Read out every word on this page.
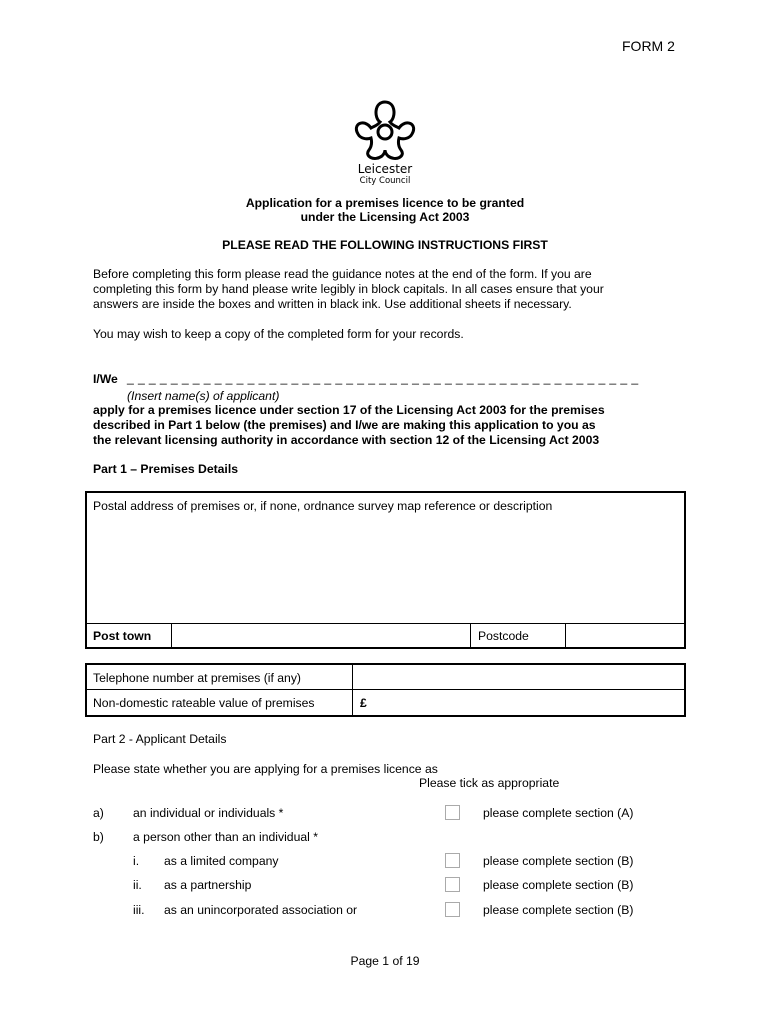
FORM 2
Leicester
City Council
Application for a premises licence to be granted
under the Licensing Act 2003
PLEASE READ THE FOLLOWING INSTRUCTIONS FIRST
Before completing this form please read the guidance notes at the end of the form. If you are
completing this form by hand please write legibly in block capitals. In all cases ensure that your
answers are inside the boxes and written in black ink. Use additional sheets if necessary.
You may wish to keep a copy of the completed form for your records.
I/We _ _ _ _ _ _ _ _ _ _ _ _ _ _ _ _ _ _ _ _ _ _ _ _ _ _ _ _ _ _ _ _ _ _ _ _ _ _ _ _ _ _ _ _ _ _ _
(Insert name(s) of applicant)
apply for a premises licence under section 17 of the Licensing Act 2003 for the premises
described in Part 1 below (the premises) and I/we are making this application to you as
the relevant licensing authority in accordance with section 12 of the Licensing Act 2003
Part 1 – Premises Details
Postal address of premises or, if none, ordnance survey map reference or description
Post town	Postcode
Telephone number at premises (if any)
Non-domestic rateable value of premises	£
Part 2 - Applicant Details
Please state whether you are applying for a premises licence as
Please tick as appropriate
a) an individual or individuals *	please complete section (A)
b) a person other than an individual *
i. as a limited company	please complete section (B)
ii. as a partnership	please complete section (B)
iii. as an unincorporated association or	please complete section (B)
Page 1 of 19
